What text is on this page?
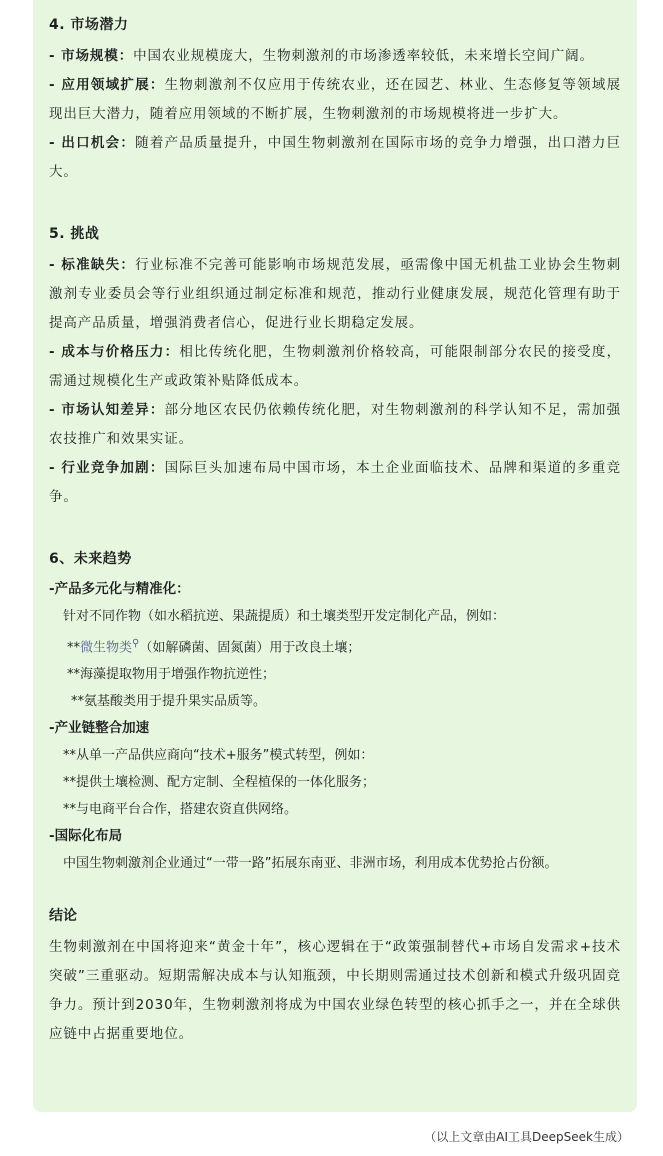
4. 市场潜力

- 市场规模：中国农业规模庞大，生物刺激剂的市场渗透率较低，未来增长空间广阔。

- 应用领域扩展：生物刺激剂不仅应用于传统农业，还在园艺、林业、生态修复等领域展现出巨大潜力，随着应用领域的不断扩展，生物刺激剂的市场规模将进一步扩大。

- 出口机会：随着产品质量提升，中国生物刺激剂在国际市场的竞争力增强，出口潜力巨大。

5. 挑战

- 标准缺失：行业标准不完善可能影响市场规范发展，亟需像中国无机盐工业协会生物刺激剂专业委员会等行业组织通过制定标准和规范，推动行业健康发展，规范化管理有助于提高产品质量，增强消费者信心，促进行业长期稳定发展。

- 成本与价格压力：相比传统化肥，生物刺激剂价格较高，可能限制部分农民的接受度，需通过规模化生产或政策补贴降低成本。

- 市场认知差异：部分地区农民仍依赖传统化肥，对生物刺激剂的科学认知不足，需加强农技推广和效果实证。

- 行业竞争加剧：国际巨头加速布局中国市场，本土企业面临技术、品牌和渠道的多重竞争。

6、未来趋势

-产品多元化与精准化：

针对不同作物（如水稻抗逆、果蔬提质）和土壤类型开发定制化产品，例如：

**微生物类⚲（如解磷菌、固氮菌）用于改良土壤；

**海藻提取物用于增强作物抗逆性；

**氨基酸类用于提升果实品质等。

-产业链整合加速

**从单一产品供应商向“技术+服务”模式转型，例如：

**提供土壤检测、配方定制、全程植保的一体化服务；

**与电商平台合作，搭建农资直供网络。

-国际化布局

中国生物刺激剂企业通过“一带一路”拓展东南亚、非洲市场，利用成本优势抢占份额。

结论

生物刺激剂在中国将迎来“黄金十年”，核心逻辑在于“政策强制替代+市场自发需求+技术突破”三重驱动。短期需解决成本与认知瓶颈，中长期则需通过技术创新和模式升级巩固竞争力。预计到2030年，生物刺激剂将成为中国农业绿色转型的核心抓手之一，并在全球供应链中占据重要地位。

（以上文章由AI工具DeepSeek生成）
